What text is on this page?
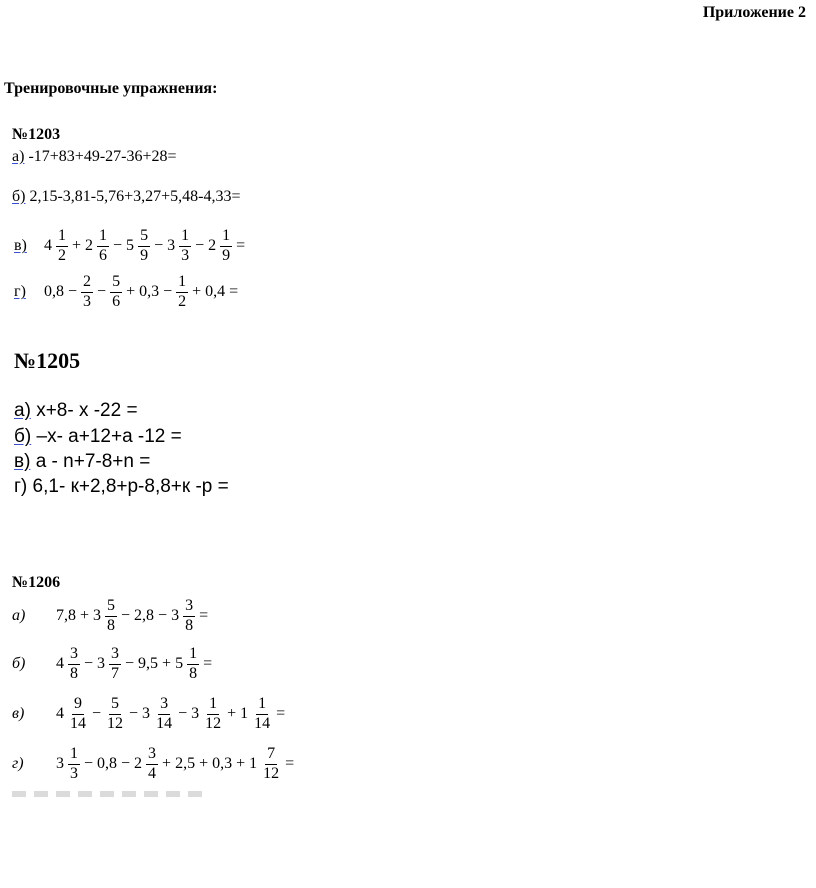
Приложение 2
Тренировочные упражнения:
№1203
а) -17+83+49-27-36+28=
б) 2,15-3,81-5,76+3,27+5,48-4,33=
в)	$4 \frac{1}{2} + 2 \frac{1}{6} - 5 \frac{5}{9} - 3 \frac{1}{3} - 2 \frac{1}{9}$ =
г)	$0,8 - \frac{2}{3} - \frac{5}{6} + 0,3 - \frac{1}{2} + 0,4$ =
№1205
а) х+8- х -22 =
б) –х- а+12+а -12 =
в) а - n+7-8+n =
г) 6,1- к+2,8+р-8,8+к -р =
№1206
а)	$7,8 + 3 \frac{5}{8} - 2,8 - 3 \frac{3}{8}$ =
б)	$4 \frac{3}{8} - 3 \frac{3}{7} - 9,5 + 5 \frac{1}{8}$ =
в)	$4 \frac{9}{14} - \frac{5}{12} - 3 \frac{3}{14} - 3 \frac{1}{12} + 1 \frac{1}{14}$ =
г)	$3 \frac{1}{3} - 0,8 - 2 \frac{3}{4} + 2,5 + 0,3 + 1 \frac{7}{12}$ =
